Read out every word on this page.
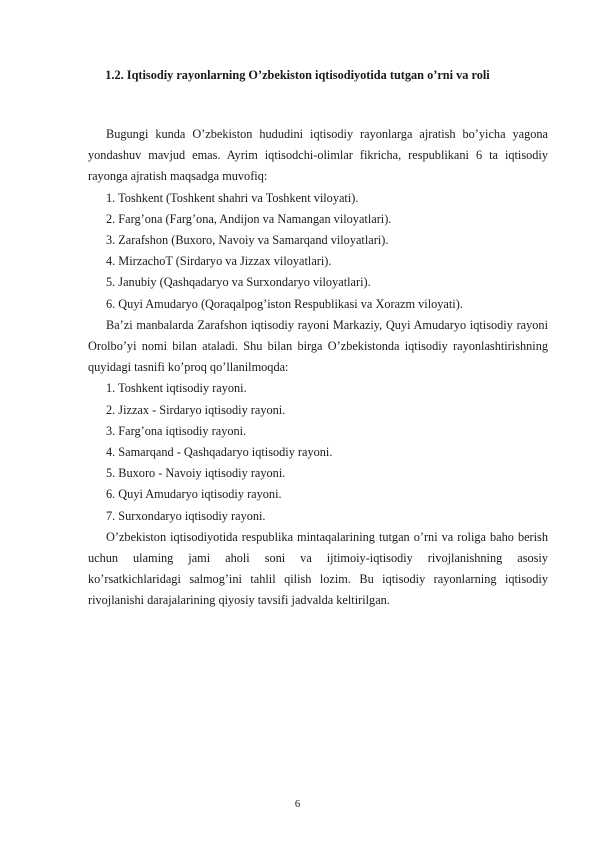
1.2. Iqtisodiy rayonlarning O’zbekiston iqtisodiyotida tutgan o’rni va roli

Bugungi kunda O’zbekiston hududini iqtisodiy rayonlarga ajratish bo’yicha yagona yondashuv mavjud emas. Ayrim iqtisodchi-olimlar fikricha, respublikani 6 ta iqtisodiy rayonga ajratish maqsadga muvofiq:

1. Toshkent (Toshkent shahri va Toshkent viloyati).

2. Farg’ona (Farg’ona, Andijon va Namangan viloyatlari).

3. Zarafshon (Buxoro, Navoiy va Samarqand viloyatlari).

4. MirzachoT (Sirdaryo va Jizzax viloyatlari).

5. Janubiy (Qashqadaryo va Surxondaryo viloyatlari).

6. Quyi Amudaryo (Qoraqalpog’iston Respublikasi va Xorazm viloyati).

Ba’zi manbalarda Zarafshon iqtisodiy rayoni Markaziy, Quyi Amudaryo iqtisodiy rayoni Orolbo’yi nomi bilan ataladi. Shu bilan birga O’zbekistonda iqtisodiy rayonlashtirishning quyidagi tasnifi ko’proq qo’llanilmoqda:

1. Toshkent iqtisodiy rayoni.

2. Jizzax - Sirdaryo iqtisodiy rayoni.

3. Farg’ona iqtisodiy rayoni.

4. Samarqand - Qashqadaryo iqtisodiy rayoni.

5. Buxoro - Navoiy iqtisodiy rayoni.

6. Quyi Amudaryo iqtisodiy rayoni.

7. Surxondaryo iqtisodiy rayoni.

O’zbekiston iqtisodiyotida respublika mintaqalarining tutgan o’rni va roliga baho berish uchun ulaming jami aholi soni va ijtimoiy-iqtisodiy rivojlanishning asosiy ko’rsatkichlaridagi salmog’ini tahlil qilish lozim. Bu iqtisodiy rayonlarning iqtisodiy rivojlanishi darajalarining qiyosiy tavsifi jadvalda keltirilgan.

6
